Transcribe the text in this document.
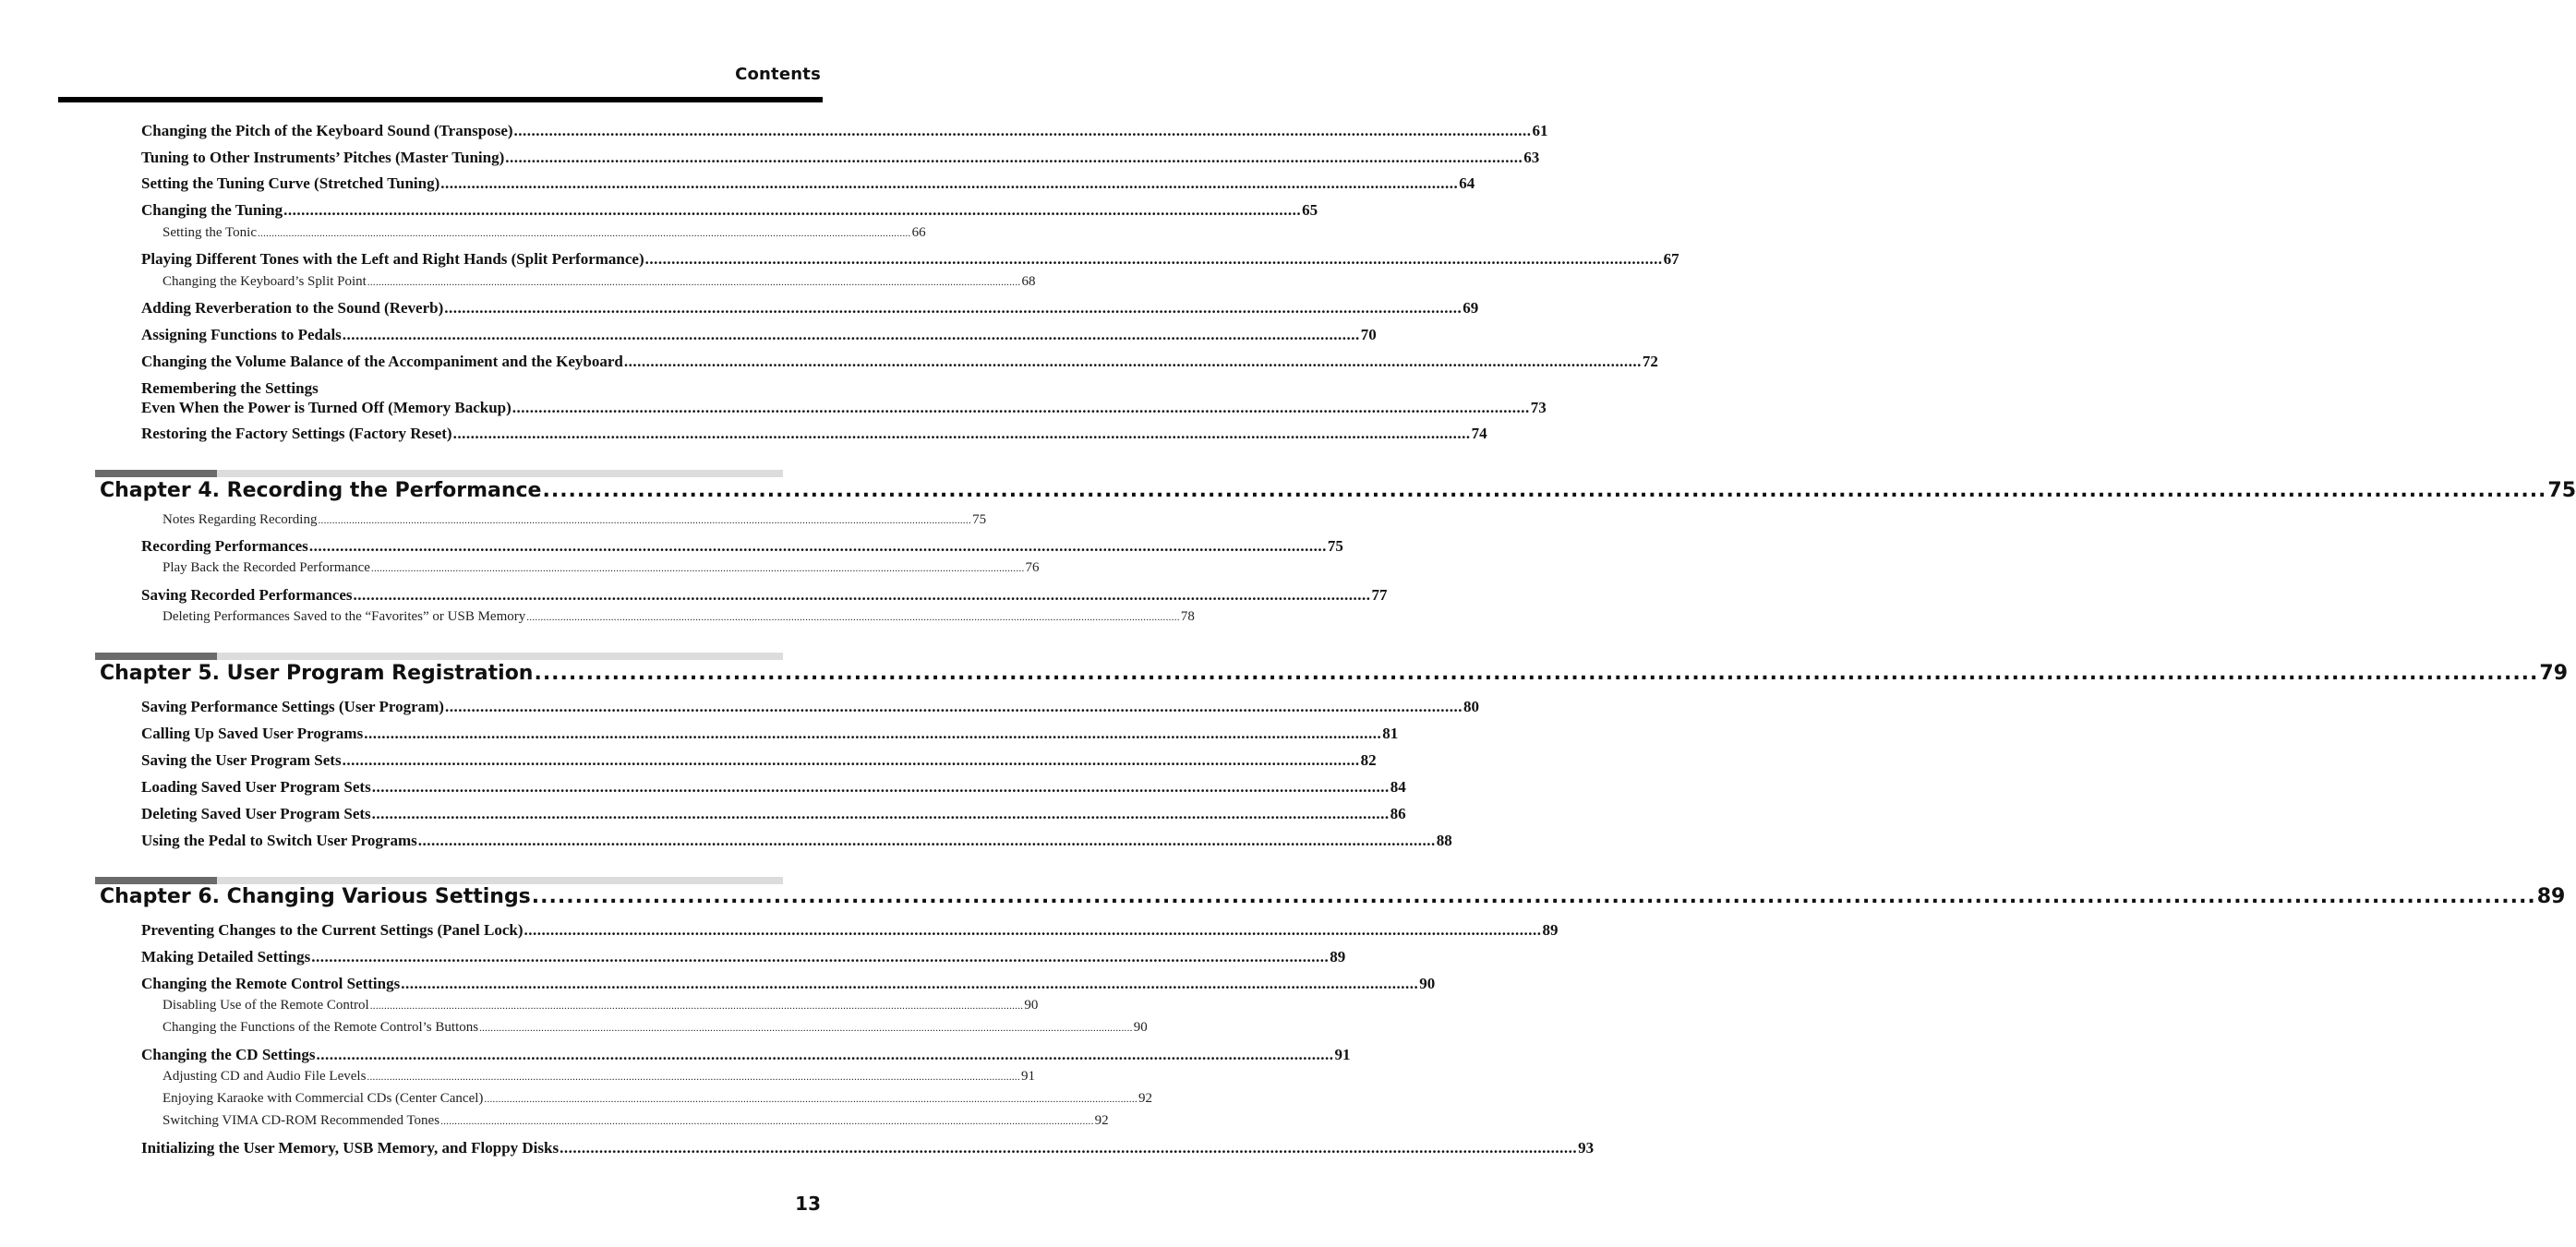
Contents
Changing the Pitch of the Keyboard Sound (Transpose) ........................................................................................................................................................................................................................................ 61
Tuning to Other Instruments’ Pitches (Master Tuning) ........................................................................................................................................................................................................................................ 63
Setting the Tuning Curve (Stretched Tuning) ........................................................................................................................................................................................................................................ 64
Changing the Tuning ........................................................................................................................................................................................................................................ 65
Setting the Tonic ........................................................................................................................................................................................................................................ 66
Playing Different Tones with the Left and Right Hands (Split Performance) ........................................................................................................................................................................................................................................ 67
Changing the Keyboard’s Split Point ........................................................................................................................................................................................................................................ 68
Adding Reverberation to the Sound (Reverb) ........................................................................................................................................................................................................................................ 69
Assigning Functions to Pedals ........................................................................................................................................................................................................................................ 70
Changing the Volume Balance of the Accompaniment and the Keyboard ........................................................................................................................................................................................................................................ 72
Remembering the Settings
Even When the Power is Turned Off (Memory Backup) ........................................................................................................................................................................................................................................ 73
Restoring the Factory Settings (Factory Reset) ........................................................................................................................................................................................................................................ 74
Chapter 4. Recording the Performance ........................................................................................................................................................................................................................................ 75
Notes Regarding Recording ........................................................................................................................................................................................................................................ 75
Recording Performances ........................................................................................................................................................................................................................................ 75
Play Back the Recorded Performance ........................................................................................................................................................................................................................................ 76
Saving Recorded Performances ........................................................................................................................................................................................................................................ 77
Deleting Performances Saved to the “Favorites” or USB Memory ........................................................................................................................................................................................................................................ 78
Chapter 5. User Program Registration ........................................................................................................................................................................................................................................ 79
Saving Performance Settings (User Program) ........................................................................................................................................................................................................................................ 80
Calling Up Saved User Programs ........................................................................................................................................................................................................................................ 81
Saving the User Program Sets ........................................................................................................................................................................................................................................ 82
Loading Saved User Program Sets ........................................................................................................................................................................................................................................ 84
Deleting Saved User Program Sets ........................................................................................................................................................................................................................................ 86
Using the Pedal to Switch User Programs ........................................................................................................................................................................................................................................ 88
Chapter 6. Changing Various Settings ........................................................................................................................................................................................................................................ 89
Preventing Changes to the Current Settings (Panel Lock) ........................................................................................................................................................................................................................................ 89
Making Detailed Settings ........................................................................................................................................................................................................................................ 89
Changing the Remote Control Settings ........................................................................................................................................................................................................................................ 90
Disabling Use of the Remote Control ........................................................................................................................................................................................................................................ 90
Changing the Functions of the Remote Control’s Buttons ........................................................................................................................................................................................................................................ 90
Changing the CD Settings ........................................................................................................................................................................................................................................ 91
Adjusting CD and Audio File Levels ........................................................................................................................................................................................................................................ 91
Enjoying Karaoke with Commercial CDs (Center Cancel) ........................................................................................................................................................................................................................................ 92
Switching VIMA CD-ROM Recommended Tones ........................................................................................................................................................................................................................................ 92
Initializing the User Memory, USB Memory, and Floppy Disks ........................................................................................................................................................................................................................................ 93
13
